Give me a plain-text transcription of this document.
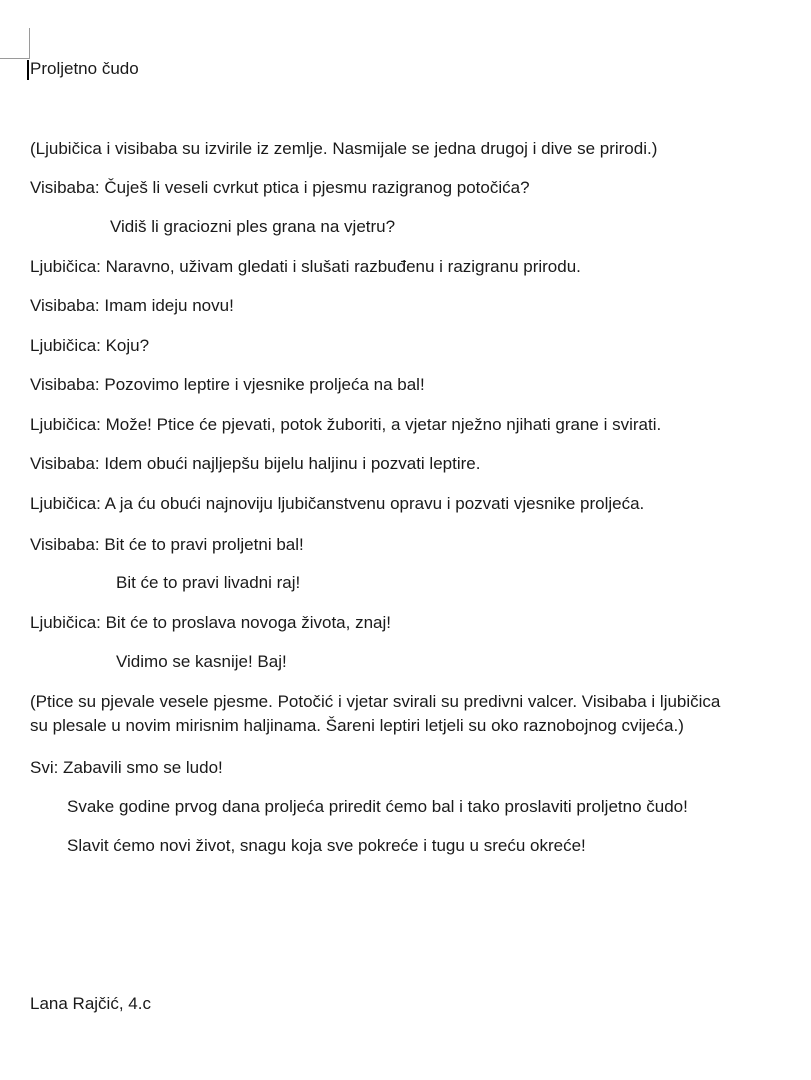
Proljetno čudo
(Ljubičica i visibaba su izvirile iz zemlje. Nasmijale se jedna drugoj i dive se prirodi.)
Visibaba: Čuješ li veseli cvrkut ptica i pjesmu razigranog potočića?
Vidiš li graciozni ples grana na vjetru?
Ljubičica: Naravno, uživam gledati i slušati razbuđenu i razigranu prirodu.
Visibaba: Imam ideju novu!
Ljubičica: Koju?
Visibaba: Pozovimo leptire i vjesnike proljeća na bal!
Ljubičica: Može! Ptice će pjevati, potok žuboriti, a vjetar nježno njihati grane i svirati.
Visibaba: Idem obući najljepšu bijelu haljinu i pozvati leptire.
Ljubičica: A ja ću obući najnoviju ljubičanstvenu opravu i pozvati vjesnike proljeća.
Visibaba: Bit će to pravi proljetni bal!
Bit će to pravi livadni raj!
Ljubičica: Bit će to proslava novoga života, znaj!
Vidimo se kasnije! Baj!
(Ptice su pjevale vesele pjesme. Potočić i vjetar svirali su predivni valcer. Visibaba i ljubičica
su plesale u novim mirisnim haljinama. Šareni leptiri letjeli su oko raznobojnog cvijeća.)
Svi: Zabavili smo se ludo!
Svake godine prvog dana proljeća priredit ćemo bal i tako proslaviti proljetno čudo!
Slavit ćemo novi život, snagu koja sve pokreće i tugu u sreću okreće!
Lana Rajčić, 4.c
